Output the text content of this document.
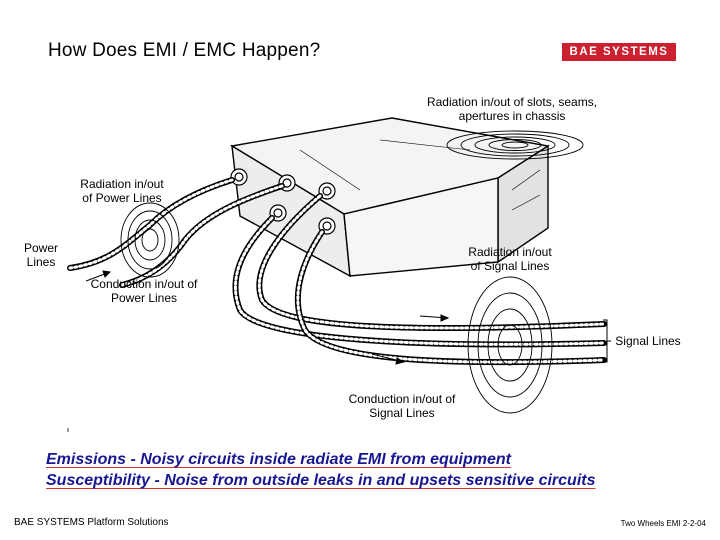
How Does EMI / EMC Happen?	BAE SYSTEMS
Radiation in/out of slots, seams,
apertures in chassis
Radiation in/out
of Power Lines
Power
Lines
Radiation in/out
of Signal Lines
Conduction in/out of
Power Lines
Signal Lines
Conduction in/out of
Signal Lines
Emissions - Noisy circuits inside radiate EMI from equipment
Susceptibility - Noise from outside leaks in and upsets sensitive circuits
BAE SYSTEMS Platform Solutions	Two Wheels EMI 2-2-04
